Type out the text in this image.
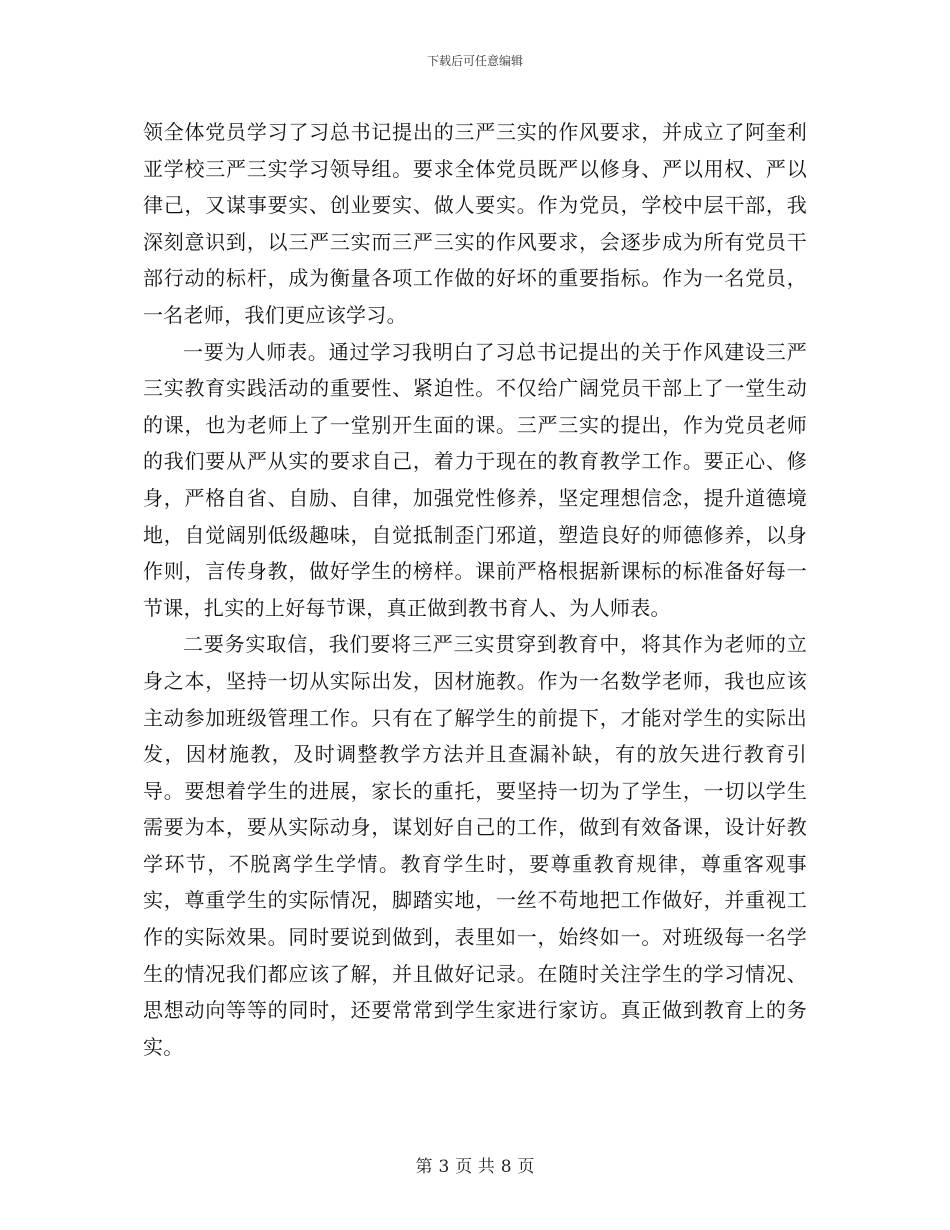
下载后可任意编辑

领全体党员学习了习总书记提出的三严三实的作风要求，并成立了阿奎利亚学校三严三实学习领导组。要求全体党员既严以修身、严以用权、严以律己，又谋事要实、创业要实、做人要实。作为党员，学校中层干部，我深刻意识到，以三严三实而三严三实的作风要求，会逐步成为所有党员干部行动的标杆，成为衡量各项工作做的好坏的重要指标。作为一名党员，一名老师，我们更应该学习。

一要为人师表。通过学习我明白了习总书记提出的关于作风建设三严三实教育实践活动的重要性、紧迫性。不仅给广阔党员干部上了一堂生动的课，也为老师上了一堂别开生面的课。三严三实的提出，作为党员老师的我们要从严从实的要求自己，着力于现在的教育教学工作。要正心、修身，严格自省、自励、自律，加强党性修养，坚定理想信念，提升道德境地，自觉阔别低级趣味，自觉抵制歪门邪道，塑造良好的师德修养，以身作则，言传身教，做好学生的榜样。课前严格根据新课标的标准备好每一节课，扎实的上好每节课，真正做到教书育人、为人师表。

二要务实取信，我们要将三严三实贯穿到教育中，将其作为老师的立身之本，坚持一切从实际出发，因材施教。作为一名数学老师，我也应该主动参加班级管理工作。只有在了解学生的前提下，才能对学生的实际出发，因材施教，及时调整教学方法并且查漏补缺，有的放矢进行教育引导。要想着学生的进展，家长的重托，要坚持一切为了学生，一切以学生需要为本，要从实际动身，谋划好自己的工作，做到有效备课，设计好教学环节，不脱离学生学情。教育学生时，要尊重教育规律，尊重客观事实，尊重学生的实际情况，脚踏实地，一丝不苟地把工作做好，并重视工作的实际效果。同时要说到做到，表里如一，始终如一。对班级每一名学生的情况我们都应该了解，并且做好记录。在随时关注学生的学习情况、思想动向等等的同时，还要常常到学生家进行家访。真正做到教育上的务实。

第 3 页 共 8 页
